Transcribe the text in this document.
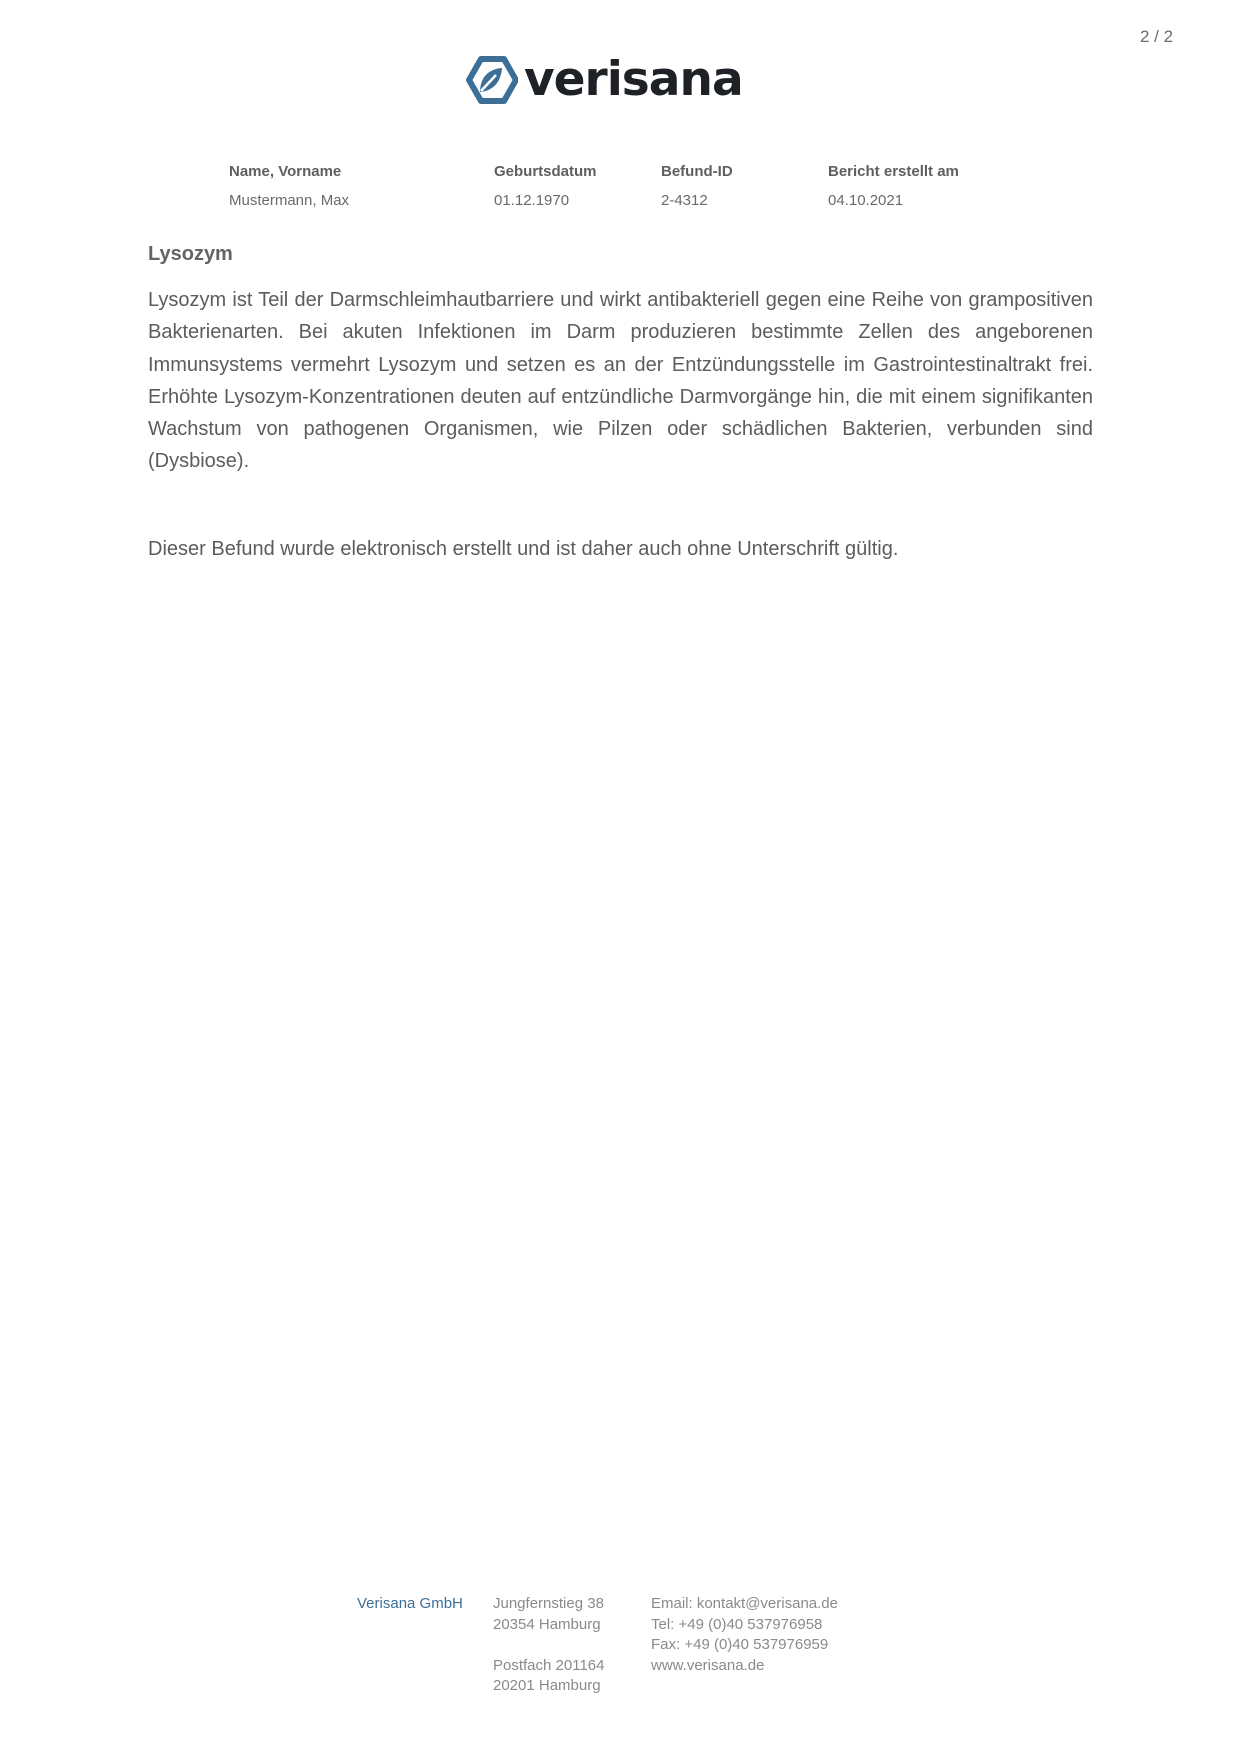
2 / 2
verisana
Name, Vorname
Mustermann, Max
Geburtsdatum
01.12.1970
Befund-ID
2-4312
Bericht erstellt am
04.10.2021
Lysozym

Lysozym ist Teil der Darmschleimhautbarriere und wirkt antibakteriell gegen eine Reihe von grampositiven Bakterienarten. Bei akuten Infektionen im Darm produzieren bestimmte Zellen des angeborenen Immunsystems vermehrt Lysozym und setzen es an der Entzündungsstelle im Gastrointestinaltrakt frei. Erhöhte Lysozym-Konzentrationen deuten auf entzündliche Darmvorgänge hin, die mit einem signifikanten Wachstum von pathogenen Organismen, wie Pilzen oder schädlichen Bakterien, verbunden sind (Dysbiose).

Dieser Befund wurde elektronisch erstellt und ist daher auch ohne Unterschrift gültig.

Verisana GmbH Jungfernstieg 38
20354 Hamburg
Postfach 201164
20201 Hamburg
Email: kontakt@verisana.de
Tel: +49 (0)40 537976958
Fax: +49 (0)40 537976959
www.verisana.de
